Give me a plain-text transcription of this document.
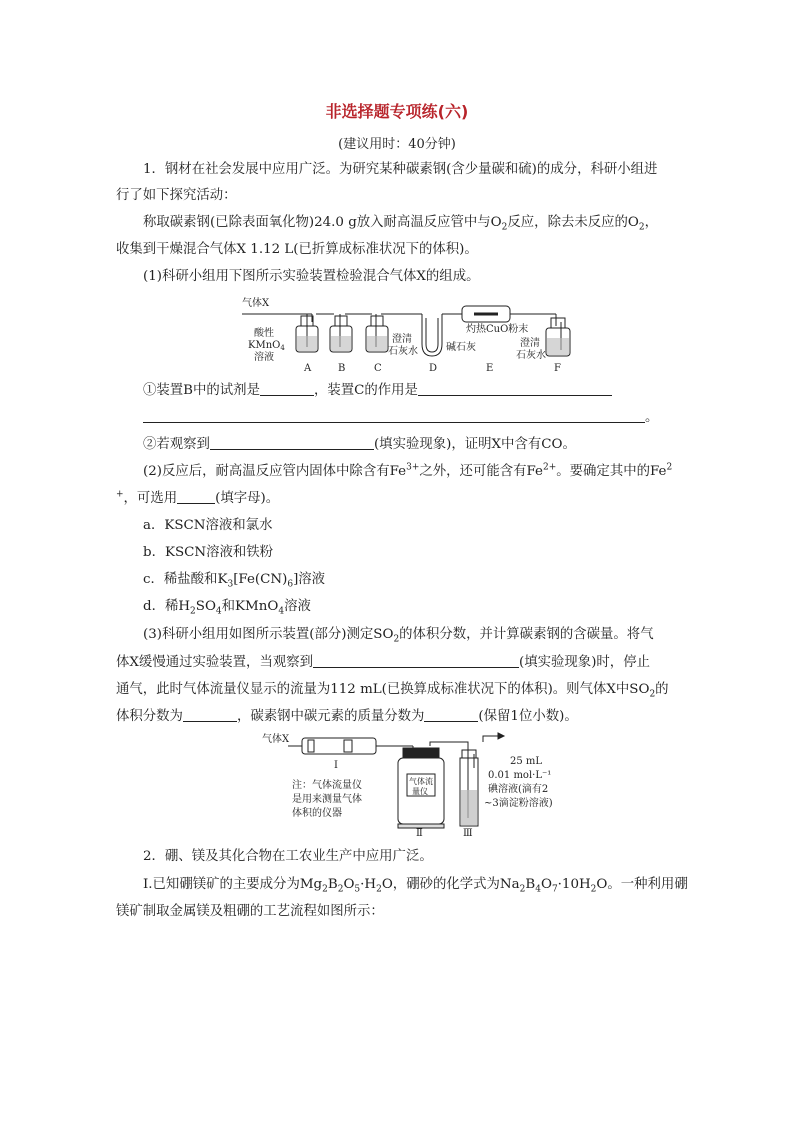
非选择题专项练(六)
(建议用时：40分钟)
1．钢材在社会发展中应用广泛。为研究某种碳素钢(含少量碳和硫)的成分，科研小组进
行了如下探究活动：
称取碳素钢(已除表面氧化物)24.0 g放入耐高温反应管中与$O_2$反应，除去未反应的$O_2$，
收集到干燥混合气体X 1.12 L(已折算成标准状况下的体积)。
(1)科研小组用下图所示实验装置检验混合气体X的组成。
气体X
酸性
KMnO$_4$
溶液
澄清
石灰水	碱石灰
灼热CuO粉末
澄清
石灰水
A	B	C	D	E	F
①装置B中的试剂是	，装置C的作用是
。
②若观察到	(填实验现象)，证明X中含有CO。
(2)反应后，耐高温反应管内固体中除含有$Fe^{3+}$之外，还可能含有$Fe^{2+}$。要确定其中的Fe$^2$
+，可选用	(填字母)。
a．KSCN溶液和氯水
b．KSCN溶液和铁粉
c．稀盐酸和$K_3[Fe(CN)_6]$溶液
d．稀$H_2SO_4$和KMnO$_4$溶液
(3)科研小组用如图所示装置(部分)测定$SO_2$的体积分数，并计算碳素钢的含碳量。将气
体X缓慢通过实验装置，当观察到	(填实验现象)时，停止
通气，此时气体流量仪显示的流量为112 mL(已换算成标准状况下的体积)。则气体X中$SO_2$的
体积分数为	，碳素钢中碳元素的质量分数为	(保留1位小数)。
气体X
Ⅰ
气体流
量仪
Ⅱ	Ⅲ
注：气体流量仪
是用来测量气体
体积的仪器
25 mL
0.01 mol·L⁻¹
碘溶液(滴有2
~3滴淀粉溶液)
2．硼、镁及其化合物在工农业生产中应用广泛。
Ⅰ.已知硼镁矿的主要成分为$Mg_2B_2O_5\cdot H_2O$，硼砂的化学式为$Na_2B_4O_7\cdot 10H_2O$。一种利用硼
镁矿制取金属镁及粗硼的工艺流程如图所示：
